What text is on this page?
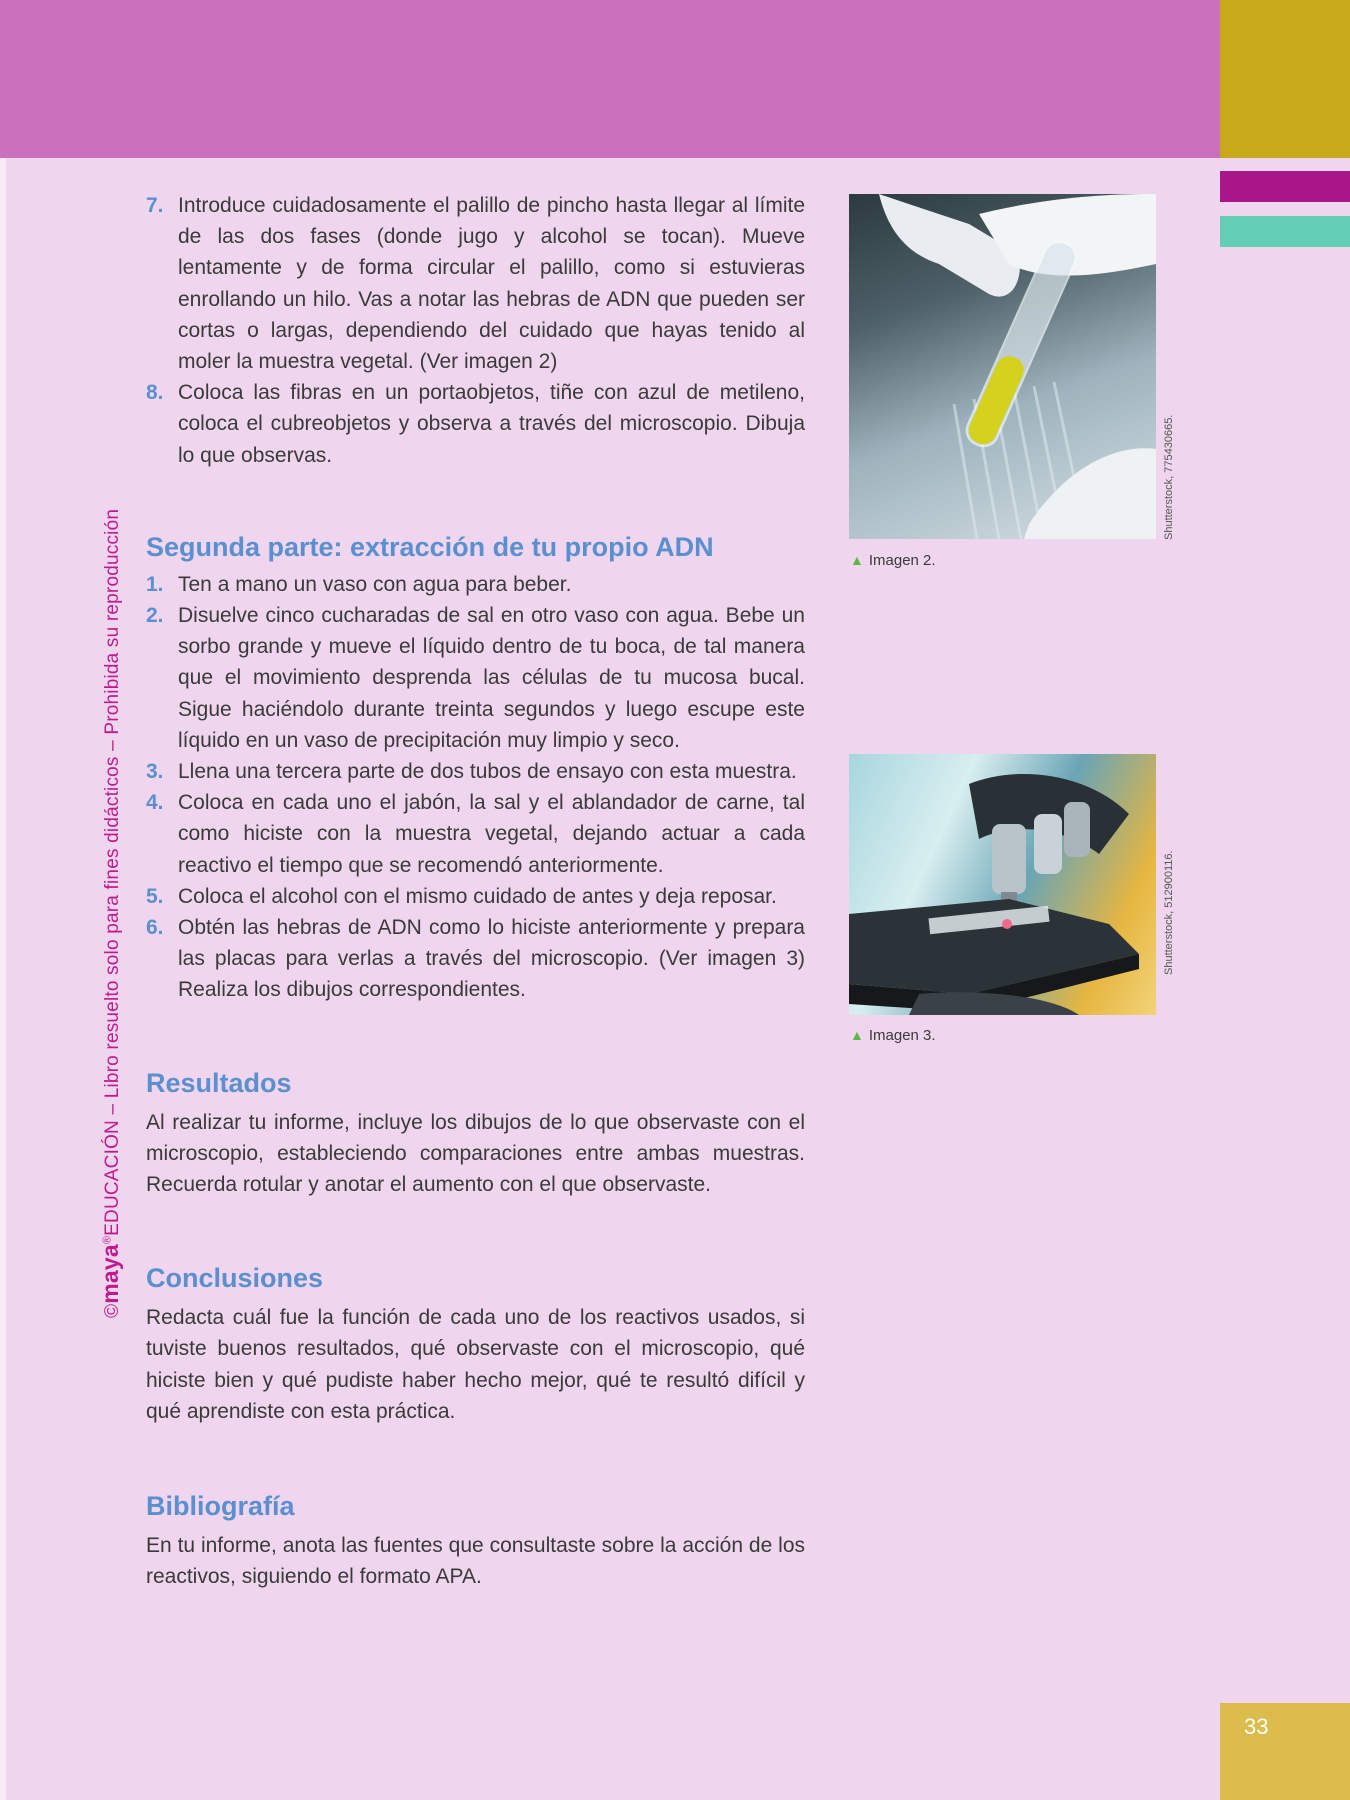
©maya®EDUCACIÓN – Libro resuelto solo para fines didácticos – Prohibida su reproducción
7. Introduce cuidadosamente el palillo de pincho hasta llegar al límite de las dos fases (donde jugo y alcohol se tocan). Mueve lentamente y de forma circular el palillo, como si estuvieras enrollando un hilo. Vas a notar las hebras de ADN que pueden ser cortas o largas, dependiendo del cuidado que hayas tenido al moler la muestra vegetal. (Ver imagen 2)
8. Coloca las fibras en un portaobjetos, tiñe con azul de metileno, coloca el cubreobjetos y observa a través del microscopio. Dibuja lo que observas.
Segunda parte: extracción de tu propio ADN
1. Ten a mano un vaso con agua para beber.
2. Disuelve cinco cucharadas de sal en otro vaso con agua. Bebe un sorbo grande y mueve el líquido dentro de tu boca, de tal manera que el movimiento desprenda las células de tu mucosa bucal. Sigue haciéndolo durante treinta segundos y luego escupe este líquido en un vaso de precipitación muy limpio y seco.
3. Llena una tercera parte de dos tubos de ensayo con esta muestra.
4. Coloca en cada uno el jabón, la sal y el ablandador de carne, tal como hiciste con la muestra vegetal, dejando actuar a cada reactivo el tiempo que se recomendó anteriormente.
5. Coloca el alcohol con el mismo cuidado de antes y deja reposar.
6. Obtén las hebras de ADN como lo hiciste anteriormente y prepara las placas para verlas a través del microscopio. (Ver imagen 3) Realiza los dibujos correspondientes.
Resultados

Al realizar tu informe, incluye los dibujos de lo que observaste con el microscopio, estableciendo comparaciones entre ambas muestras. Recuerda rotular y anotar el aumento con el que observaste.

Conclusiones

Redacta cuál fue la función de cada uno de los reactivos usados, si tuviste buenos resultados, qué observaste con el microscopio, qué hiciste bien y qué pudiste haber hecho mejor, qué te resultó difícil y qué aprendiste con esta práctica.

Bibliografía

En tu informe, anota las fuentes que consultaste sobre la acción de los reactivos, siguiendo el formato APA.

Shutterstock, 775430665.
▲ Imagen 2.
Shutterstock, 512900116.
▲ Imagen 3.
33
